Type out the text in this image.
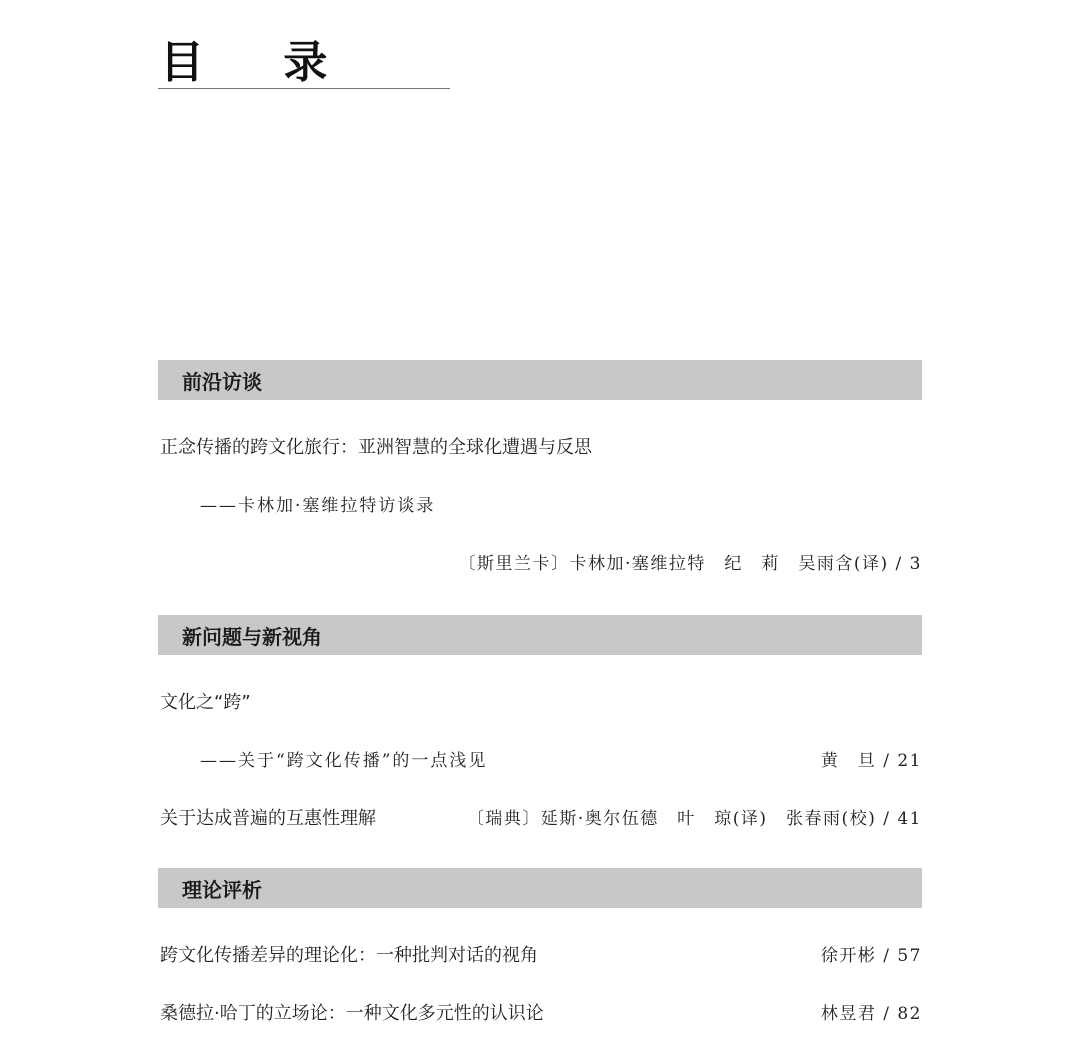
目 录
前沿访谈
正念传播的跨文化旅行：亚洲智慧的全球化遭遇与反思
——卡林加·塞维拉特访谈录
〔斯里兰卡〕卡林加·塞维拉特　纪　莉　吴雨含(译) / 3
新问题与新视角
文化之“跨”
——关于“跨文化传播”的一点浅见	黄　旦 / 21
关于达成普遍的互惠性理解	〔瑞典〕延斯·奥尔伍德　叶　琼(译)　张春雨(校) / 41
理论评析
跨文化传播差异的理论化：一种批判对话的视角	徐开彬 / 57
桑德拉·哈丁的立场论：一种文化多元性的认识论	林昱君 / 82
